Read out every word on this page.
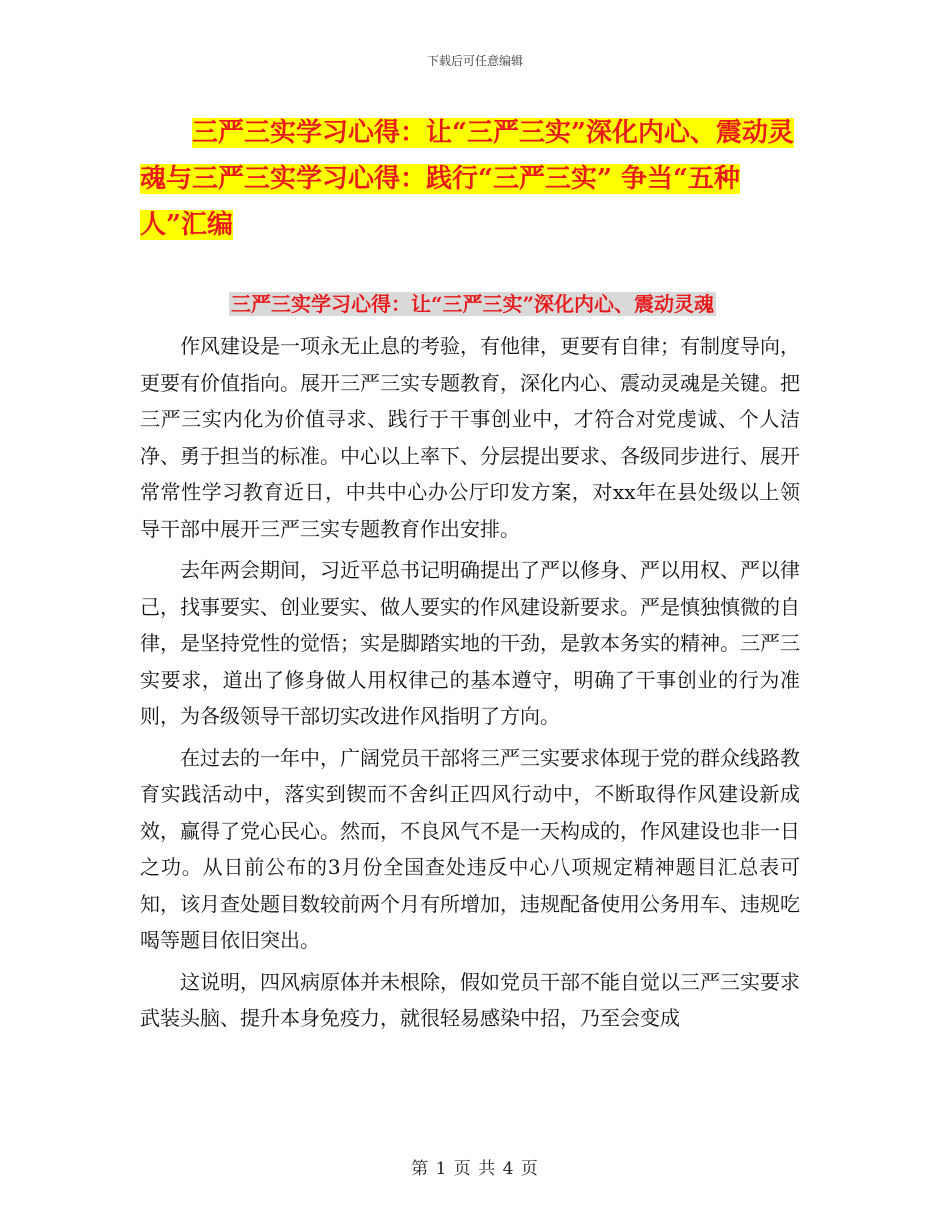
下载后可任意编辑
三严三实学习心得：让“三严三实”深化内心、震动灵魂与三严三实学习心得：践行“三严三实” 争当“五种人”汇编
三严三实学习心得：让“三严三实”深化内心、震动灵魂

作风建设是一项永无止息的考验，有他律，更要有自律；有制度导向，更要有价值指向。展开三严三实专题教育，深化内心、震动灵魂是关键。把三严三实内化为价值寻求、践行于干事创业中，才符合对党虔诚、个人洁净、勇于担当的标准。中心以上率下、分层提出要求、各级同步进行、展开常常性学习教育近日，中共中心办公厅印发方案，对xx年在县处级以上领导干部中展开三严三实专题教育作出安排。

去年两会期间，习近平总书记明确提出了严以修身、严以用权、严以律己，找事要实、创业要实、做人要实的作风建设新要求。严是慎独慎微的自律，是坚持党性的觉悟；实是脚踏实地的干劲，是敦本务实的精神。三严三实要求，道出了修身做人用权律己的基本遵守，明确了干事创业的行为准则，为各级领导干部切实改进作风指明了方向。

在过去的一年中，广阔党员干部将三严三实要求体现于党的群众线路教育实践活动中，落实到锲而不舍纠正四风行动中，不断取得作风建设新成效，赢得了党心民心。然而，不良风气不是一天构成的，作风建设也非一日之功。从日前公布的3月份全国查处违反中心八项规定精神题目汇总表可知，该月查处题目数较前两个月有所增加，违规配备使用公务用车、违规吃喝等题目依旧突出。

这说明，四风病原体并未根除，假如党员干部不能自觉以三严三实要求武装头脑、提升本身免疫力，就很轻易感染中招，乃至会变成

第 1 页 共 4 页
